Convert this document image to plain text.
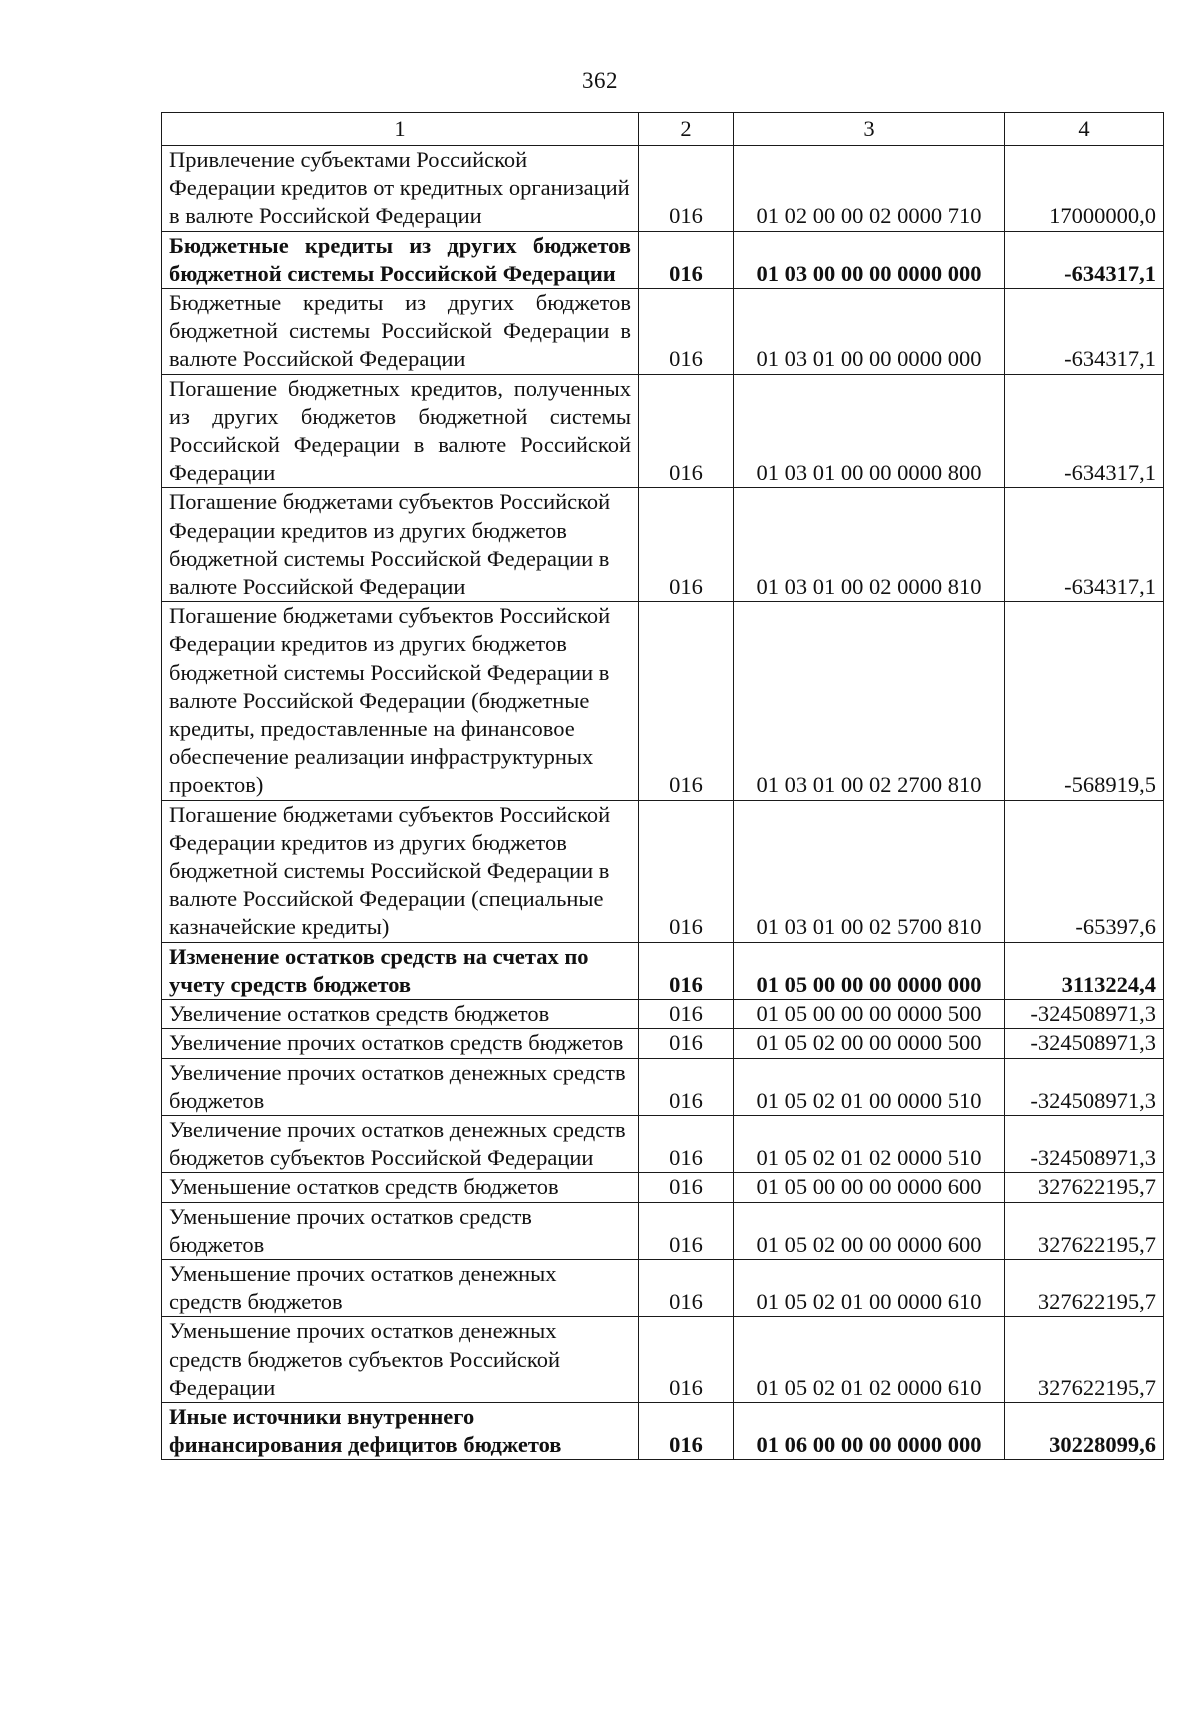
362
1	2	3	4
Привлечение субъектами Российской Федерации кредитов от кредитных организаций в валюте Российской Федерации	016	01 02 00 00 02 0000 710	17000000,0
Бюджетные кредиты из других бюджетов бюджетной системы Российской Федерации	016	01 03 00 00 00 0000 000	-634317,1
Бюджетные кредиты из других бюджетов бюджетной системы Российской Федерации в валюте Российской Федерации	016	01 03 01 00 00 0000 000	-634317,1
Погашение бюджетных кредитов, полученных из других бюджетов бюджетной системы Российской Федерации в валюте Российской Федерации	016	01 03 01 00 00 0000 800	-634317,1
Погашение бюджетами субъектов Российской Федерации кредитов из других бюджетов бюджетной системы Российской Федерации в валюте Российской Федерации	016	01 03 01 00 02 0000 810	-634317,1
Погашение бюджетами субъектов Российской Федерации кредитов из других бюджетов бюджетной системы Российской Федерации в валюте Российской Федерации (бюджетные кредиты, предоставленные на финансовое обеспечение реализации инфраструктурных проектов)	016	01 03 01 00 02 2700 810	-568919,5
Погашение бюджетами субъектов Российской Федерации кредитов из других бюджетов бюджетной системы Российской Федерации в валюте Российской Федерации (специальные казначейские кредиты)	016	01 03 01 00 02 5700 810	-65397,6
Изменение остатков средств на счетах по учету средств бюджетов	016	01 05 00 00 00 0000 000	3113224,4
Увеличение остатков средств бюджетов	016	01 05 00 00 00 0000 500	-324508971,3
Увеличение прочих остатков средств бюджетов	016	01 05 02 00 00 0000 500	-324508971,3
Увеличение прочих остатков денежных средств бюджетов	016	01 05 02 01 00 0000 510	-324508971,3
Увеличение прочих остатков денежных средств бюджетов субъектов Российской Федерации	016	01 05 02 01 02 0000 510	-324508971,3
Уменьшение остатков средств бюджетов	016	01 05 00 00 00 0000 600	327622195,7
Уменьшение прочих остатков средств бюджетов	016	01 05 02 00 00 0000 600	327622195,7
Уменьшение прочих остатков денежных средств бюджетов	016	01 05 02 01 00 0000 610	327622195,7
Уменьшение прочих остатков денежных средств бюджетов субъектов Российской Федерации	016	01 05 02 01 02 0000 610	327622195,7
Иные источники внутреннего финансирования дефицитов бюджетов	016	01 06 00 00 00 0000 000	30228099,6
